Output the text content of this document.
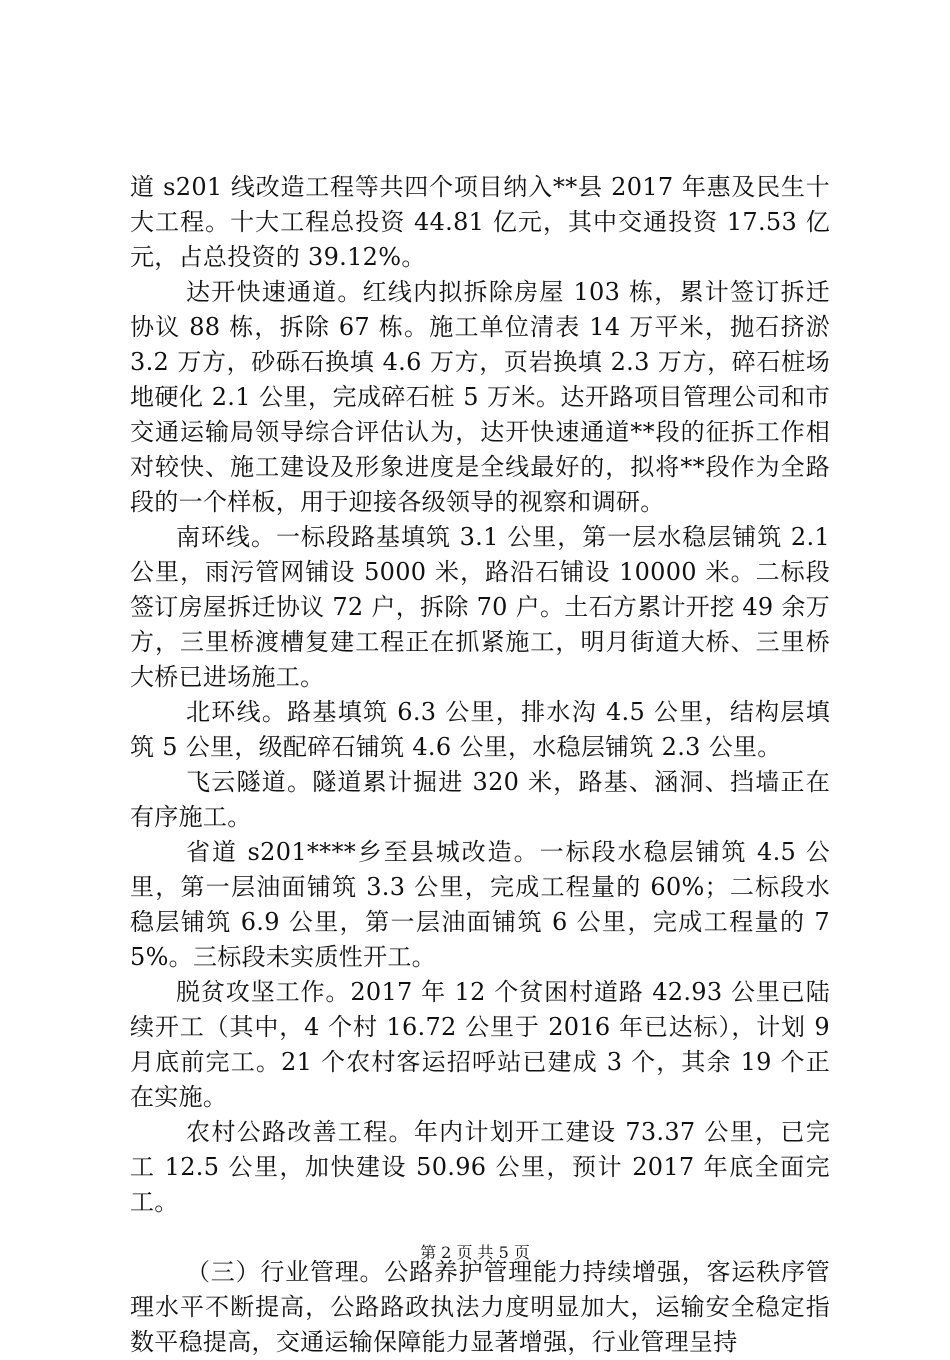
道 s201 线改造工程等共四个项目纳入**县 2017 年惠及民生十大工程。十大工程总投资 44.81 亿元，其中交通投资 17.53 亿元，占总投资的 39.12%。

达开快速通道。红线内拟拆除房屋 103 栋，累计签订拆迁协议 88 栋，拆除 67 栋。施工单位清表 14 万平米，抛石挤淤 3.2 万方，砂砾石换填 4.6 万方，页岩换填 2.3 万方，碎石桩场地硬化 2.1 公里，完成碎石桩 5 万米。达开路项目管理公司和市交通运输局领导综合评估认为，达开快速通道**段的征拆工作相对较快、施工建设及形象进度是全线最好的，拟将**段作为全路段的一个样板，用于迎接各级领导的视察和调研。

南环线。一标段路基填筑 3.1 公里，第一层水稳层铺筑 2.1 公里，雨污管网铺设 5000 米，路沿石铺设 10000 米。二标段签订房屋拆迁协议 72 户，拆除 70 户。土石方累计开挖 49 余万方，三里桥渡槽复建工程正在抓紧施工，明月街道大桥、三里桥大桥已进场施工。

北环线。路基填筑 6.3 公里，排水沟 4.5 公里，结构层填筑 5 公里，级配碎石铺筑 4.6 公里，水稳层铺筑 2.3 公里。

飞云隧道。隧道累计掘进 320 米，路基、涵洞、挡墙正在有序施工。

省道 s201****乡至县城改造。一标段水稳层铺筑 4.5 公里，第一层油面铺筑 3.3 公里，完成工程量的 60%；二标段水稳层铺筑 6.9 公里，第一层油面铺筑 6 公里，完成工程量的 75%。三标段未实质性开工。

脱贫攻坚工作。2017 年 12 个贫困村道路 42.93 公里已陆续开工（其中，4 个村 16.72 公里于 2016 年已达标），计划 9 月底前完工。21 个农村客运招呼站已建成 3 个，其余 19 个正在实施。

农村公路改善工程。年内计划开工建设 73.37 公里，已完工 12.5 公里，加快建设 50.96 公里，预计 2017 年底全面完工。

（三）行业管理。公路养护管理能力持续增强，客运秩序管理水平不断提高，公路路政执法力度明显加大，运输安全稳定指数平稳提高，交通运输保障能力显著增强，行业管理呈持

第 2 页 共 5 页
